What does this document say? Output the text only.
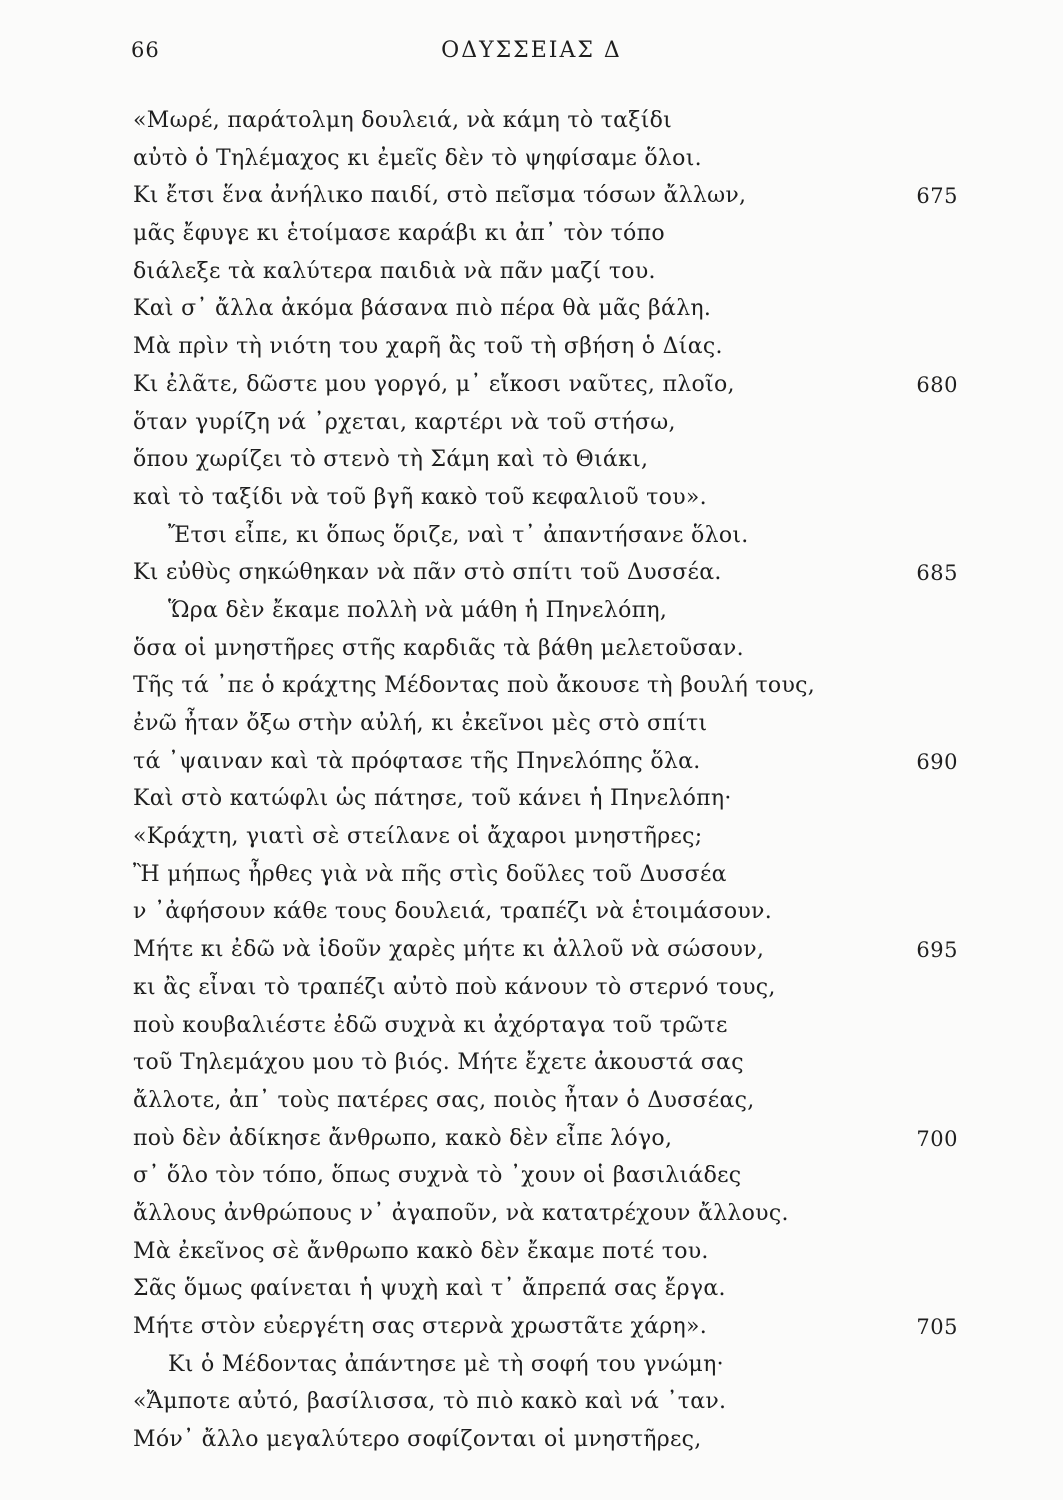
66	ΟΔΥΣΣΕΙΑΣ Δ
«Μωρέ, παράτολμη δουλειά, νὰ κάμη τὸ ταξίδι
αὐτὸ ὁ Τηλέμαχος κι ἐμεῖς δὲν τὸ ψηφίσαμε ὅλοι.
Κι ἔτσι ἕνα ἀνήλικο παιδί, στὸ πεῖσμα τόσων ἄλλων,	675
μᾶς ἔφυγε κι ἑτοίμασε καράβι κι ἀπ᾽ τὸν τόπο
διάλεξε τὰ καλύτερα παιδιὰ νὰ πᾶν μαζί του.
Καὶ σ᾽ ἄλλα ἀκόμα βάσανα πιὸ πέρα θὰ μᾶς βάλη.
Μὰ πρὶν τὴ νιότη του χαρῆ ἂς τοῦ τὴ σβήση ὁ Δίας.
Κι ἐλᾶτε, δῶστε μου γοργό, μ᾽ εἴκοσι ναῦτες, πλοῖο,	680
ὅταν γυρίζη νά ᾽ρχεται, καρτέρι νὰ τοῦ στήσω,
ὅπου χωρίζει τὸ στενὸ τὴ Σάμη καὶ τὸ Θιάκι,
καὶ τὸ ταξίδι νὰ τοῦ βγῆ κακὸ τοῦ κεφαλιοῦ του».
Ἔτσι εἶπε, κι ὅπως ὅριζε, ναὶ τ᾽ ἀπαντήσανε ὅλοι.
Κι εὐθὺς σηκώθηκαν νὰ πᾶν στὸ σπίτι τοῦ Δυσσέα.	685
Ὥρα δὲν ἔκαμε πολλὴ νὰ μάθη ἡ Πηνελόπη,
ὅσα οἱ μνηστῆρες στῆς καρδιᾶς τὰ βάθη μελετοῦσαν.
Τῆς τά ᾽πε ὁ κράχτης Μέδοντας ποὺ ἄκουσε τὴ βουλή τους,
ἐνῶ ἦταν ὄξω στὴν αὐλή, κι ἐκεῖνοι μὲς στὸ σπίτι
τά ᾽ψαιναν καὶ τὰ πρόφτασε τῆς Πηνελόπης ὅλα.	690
Καὶ στὸ κατώφλι ὡς πάτησε, τοῦ κάνει ἡ Πηνελόπη·
«Κράχτη, γιατὶ σὲ στείλανε οἱ ἄχαροι μνηστῆρες;
Ἢ μήπως ἦρθες γιὰ νὰ πῆς στὶς δοῦλες τοῦ Δυσσέα
ν ᾽ἀφήσουν κάθε τους δουλειά, τραπέζι νὰ ἑτοιμάσουν.
Μήτε κι ἐδῶ νὰ ἰδοῦν χαρὲς μήτε κι ἀλλοῦ νὰ σώσουν,	695
κι ἂς εἶναι τὸ τραπέζι αὐτὸ ποὺ κάνουν τὸ στερνό τους,
ποὺ κουβαλιέστε ἐδῶ συχνὰ κι ἀχόρταγα τοῦ τρῶτε
τοῦ Τηλεμάχου μου τὸ βιός. Μήτε ἔχετε ἀκουστά σας
ἄλλοτε, ἀπ᾽ τοὺς πατέρες σας, ποιὸς ἦταν ὁ Δυσσέας,
ποὺ δὲν ἀδίκησε ἄνθρωπο, κακὸ δὲν εἶπε λόγο,	700
σ᾽ ὅλο τὸν τόπο, ὅπως συχνὰ τὸ ᾽χουν οἱ βασιλιάδες
ἄλλους ἀνθρώπους ν᾽ ἀγαποῦν, νὰ κατατρέχουν ἄλλους.
Μὰ ἐκεῖνος σὲ ἄνθρωπο κακὸ δὲν ἔκαμε ποτέ του.
Σᾶς ὅμως φαίνεται ἡ ψυχὴ καὶ τ᾽ ἄπρεπά σας ἔργα.
Μήτε στὸν εὐεργέτη σας στερνὰ χρωστᾶτε χάρη».	705
Κι ὁ Μέδοντας ἀπάντησε μὲ τὴ σοφή του γνώμη·
«Ἄμποτε αὐτό, βασίλισσα, τὸ πιὸ κακὸ καὶ νά ᾽ταν.
Μόν᾽ ἄλλο μεγαλύτερο σοφίζονται οἱ μνηστῆρες,
